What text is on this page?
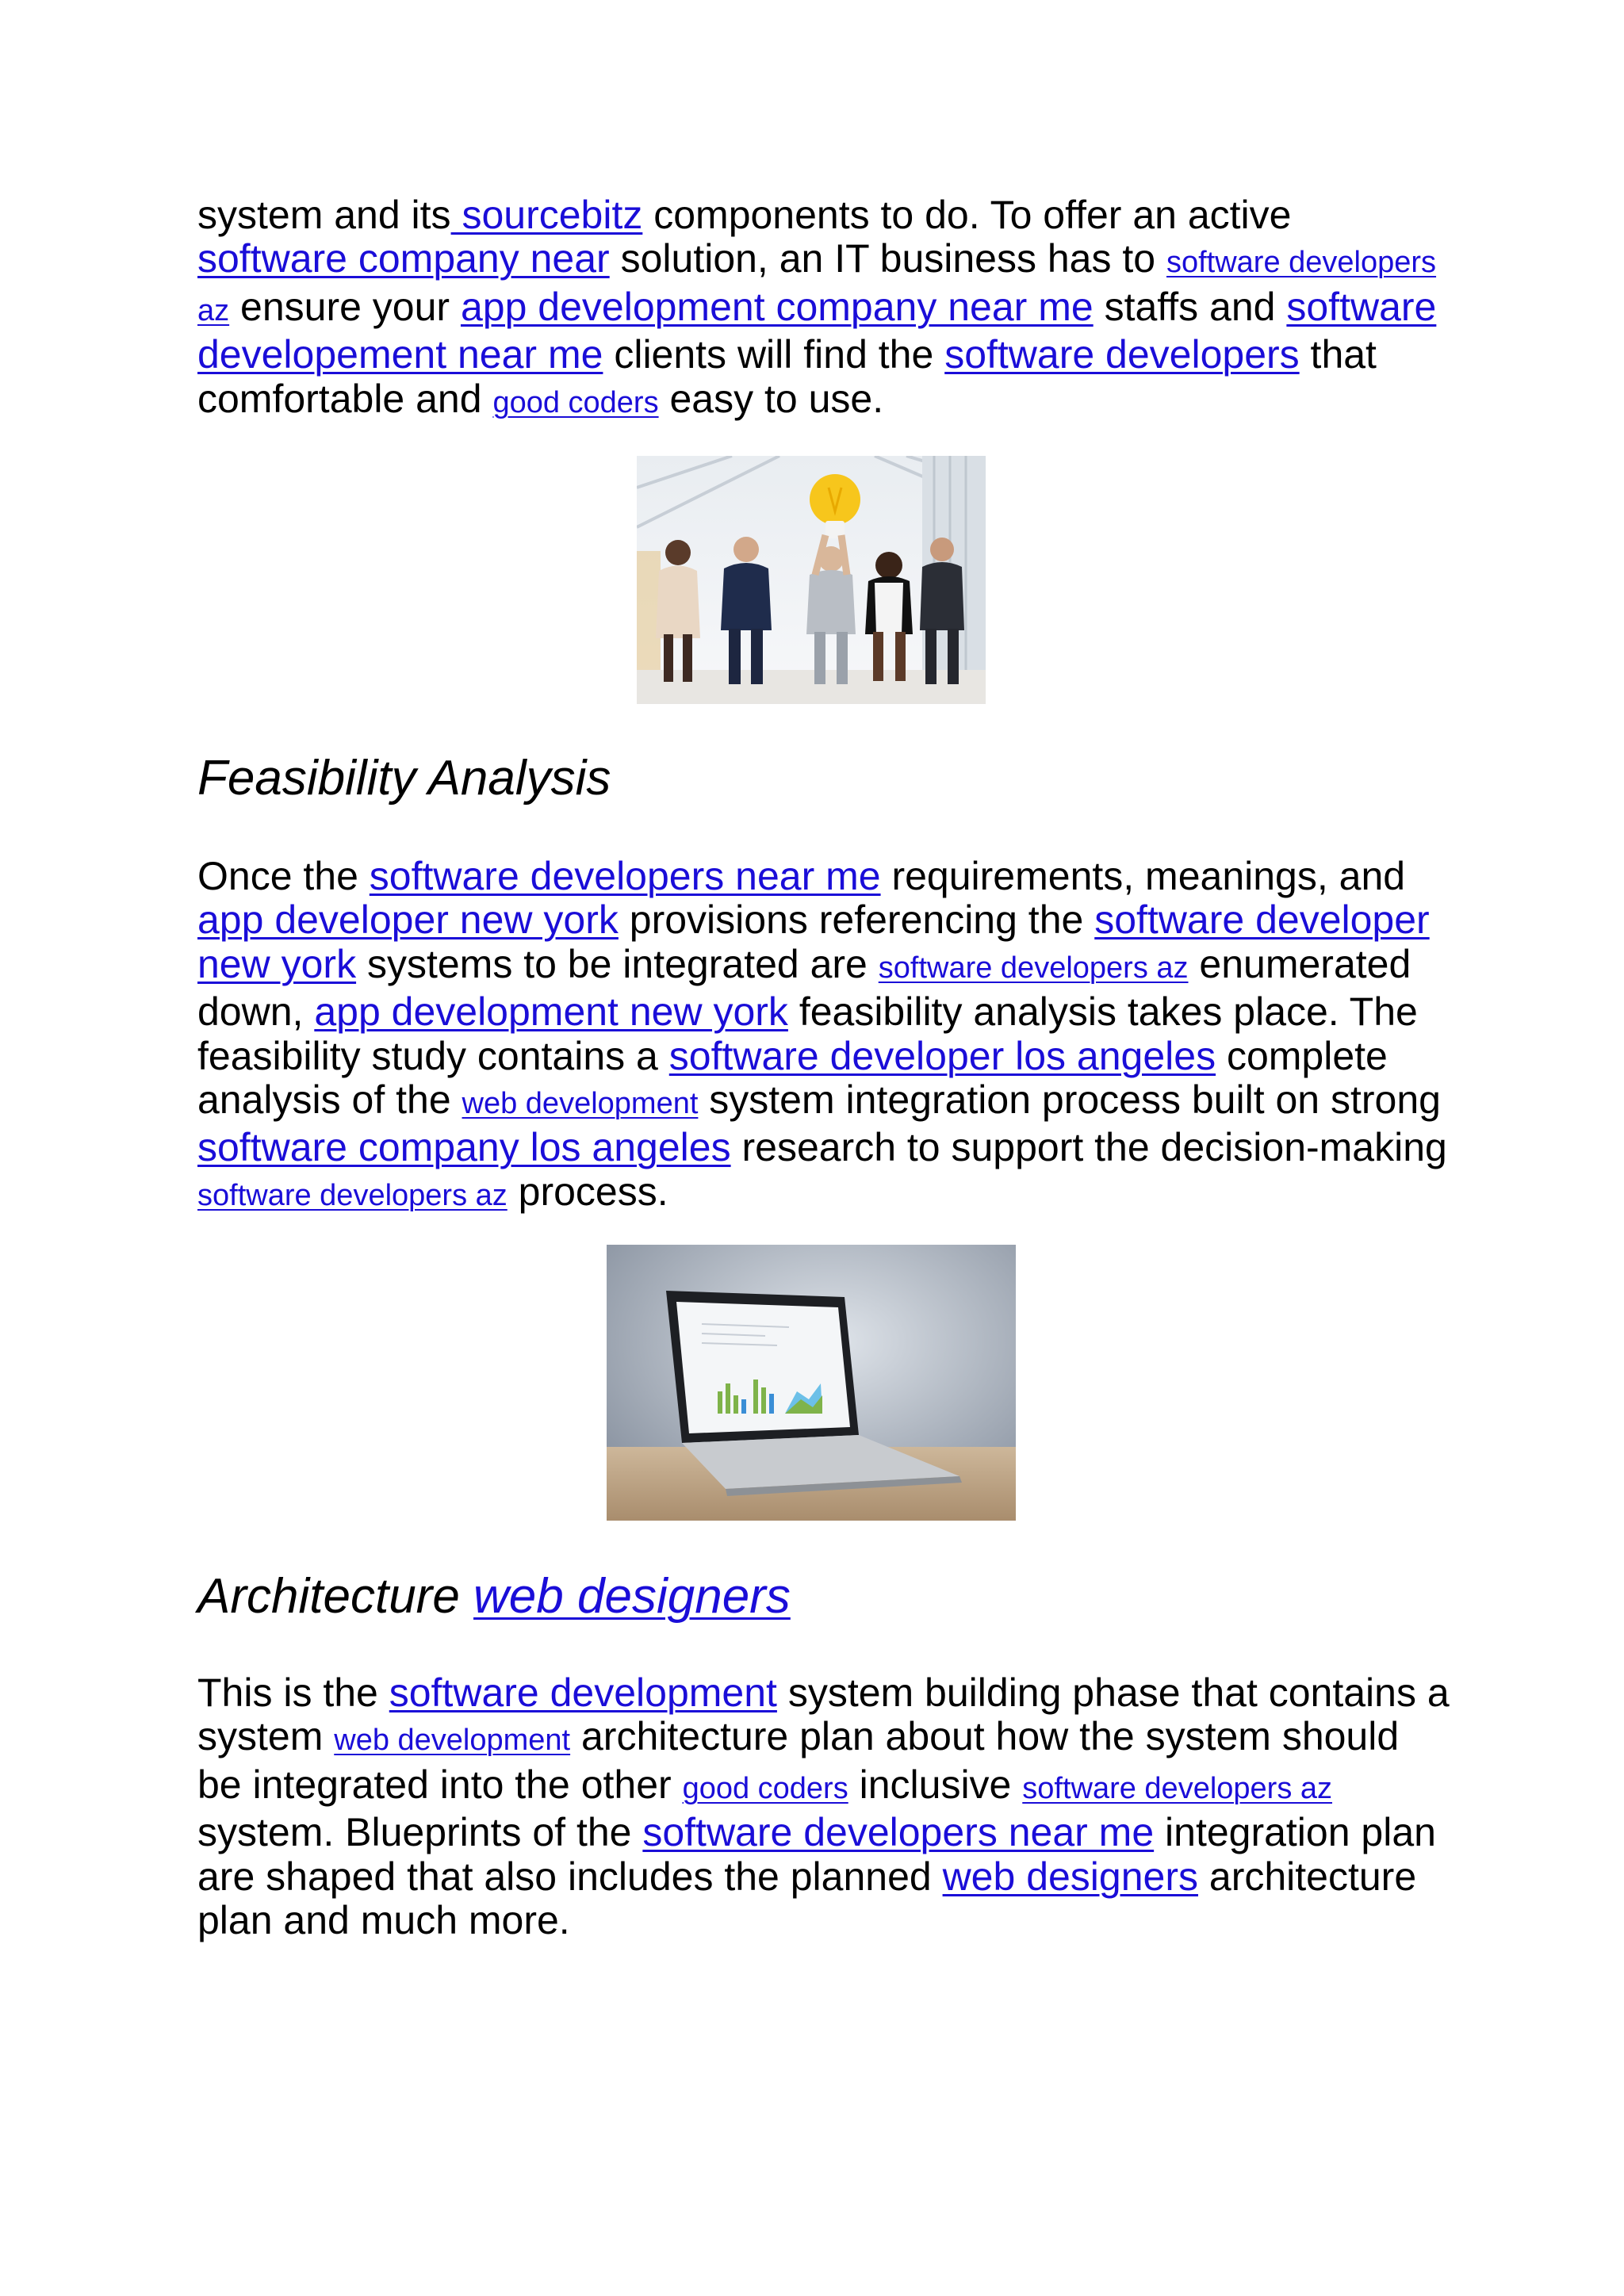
system and its sourcebitz components to do. To offer an active software company near solution, an IT business has to software developers az ensure your app development company near me staffs and software developement near me clients will find the software developers that comfortable and good coders easy to use.

Feasibility Analysis

Once the software developers near me requirements, meanings, and app developer new york provisions referencing the software developer new york systems to be integrated are software developers az enumerated down, app development new york feasibility analysis takes place. The feasibility study contains a software developer los angeles complete analysis of the web development system integration process built on strong software company los angeles research to support the decision-making software developers az process.

Architecture web designers

This is the software development system building phase that contains a system web development architecture plan about how the system should be integrated into the other good coders inclusive software developers az system. Blueprints of the software developers near me integration plan are shaped that also includes the planned web designers architecture plan and much more.
